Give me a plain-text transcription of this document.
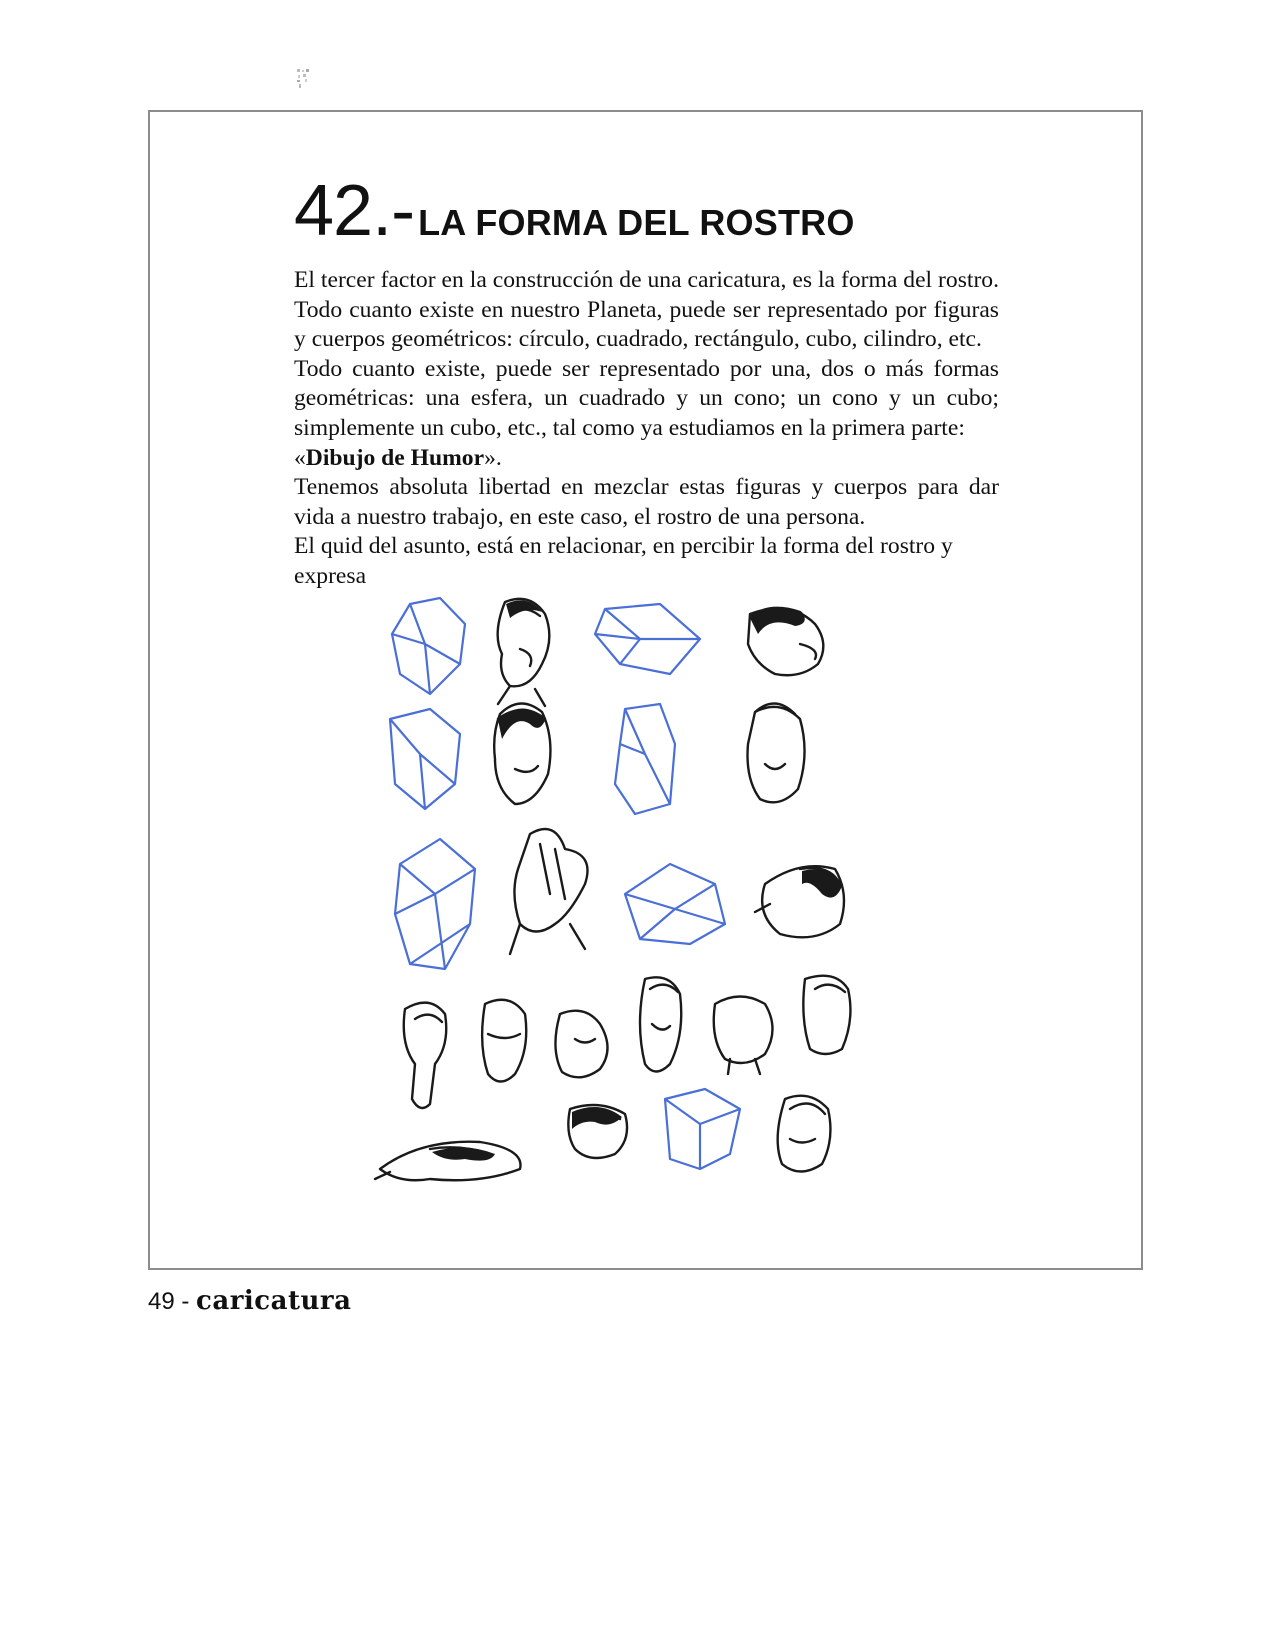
42.- LA FORMA DEL ROSTRO

El tercer factor en la construcción de una caricatura, es la forma del rostro. Todo cuanto existe en nuestro Planeta, puede ser representado por figuras y cuerpos geométricos: círculo, cuadrado, rectángulo, cubo, cilindro, etc.

Todo cuanto existe, puede ser representado por una, dos o más formas geométricas: una esfera, un cuadrado y un cono; un cono y un cubo; simplemente un cubo, etc., tal como ya estudiamos en la primera parte:

«Dibujo de Humor».

Tenemos absoluta libertad en mezclar estas figuras y cuerpos para dar vida a nuestro trabajo, en este caso, el rostro de una persona.

El quid del asunto, está en relacionar, en percibir la forma del rostro y

expresa

49 - caricatura
